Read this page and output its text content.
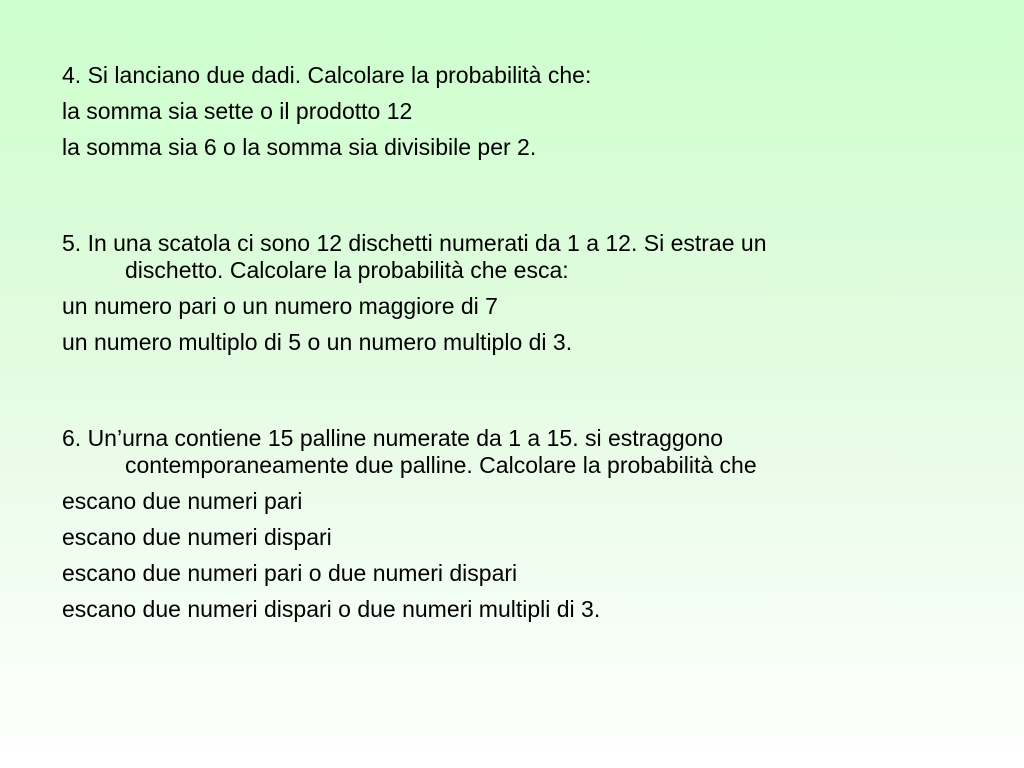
4. Si lanciano due dadi. Calcolare la probabilità che:
la somma sia sette o il prodotto 12
la somma sia 6 o la somma sia divisibile per 2.
5. In una scatola ci sono 12 dischetti numerati da 1 a 12. Si estrae un
dischetto. Calcolare la probabilità che esca:
un numero pari o un numero maggiore di 7
un numero multiplo di 5 o un numero multiplo di 3.
6. Un’urna contiene 15 palline numerate da 1 a 15. si estraggono
contemporaneamente due palline. Calcolare la probabilità che
escano due numeri pari
escano due numeri dispari
escano due numeri pari o due numeri dispari
escano due numeri dispari o due numeri multipli di 3.
